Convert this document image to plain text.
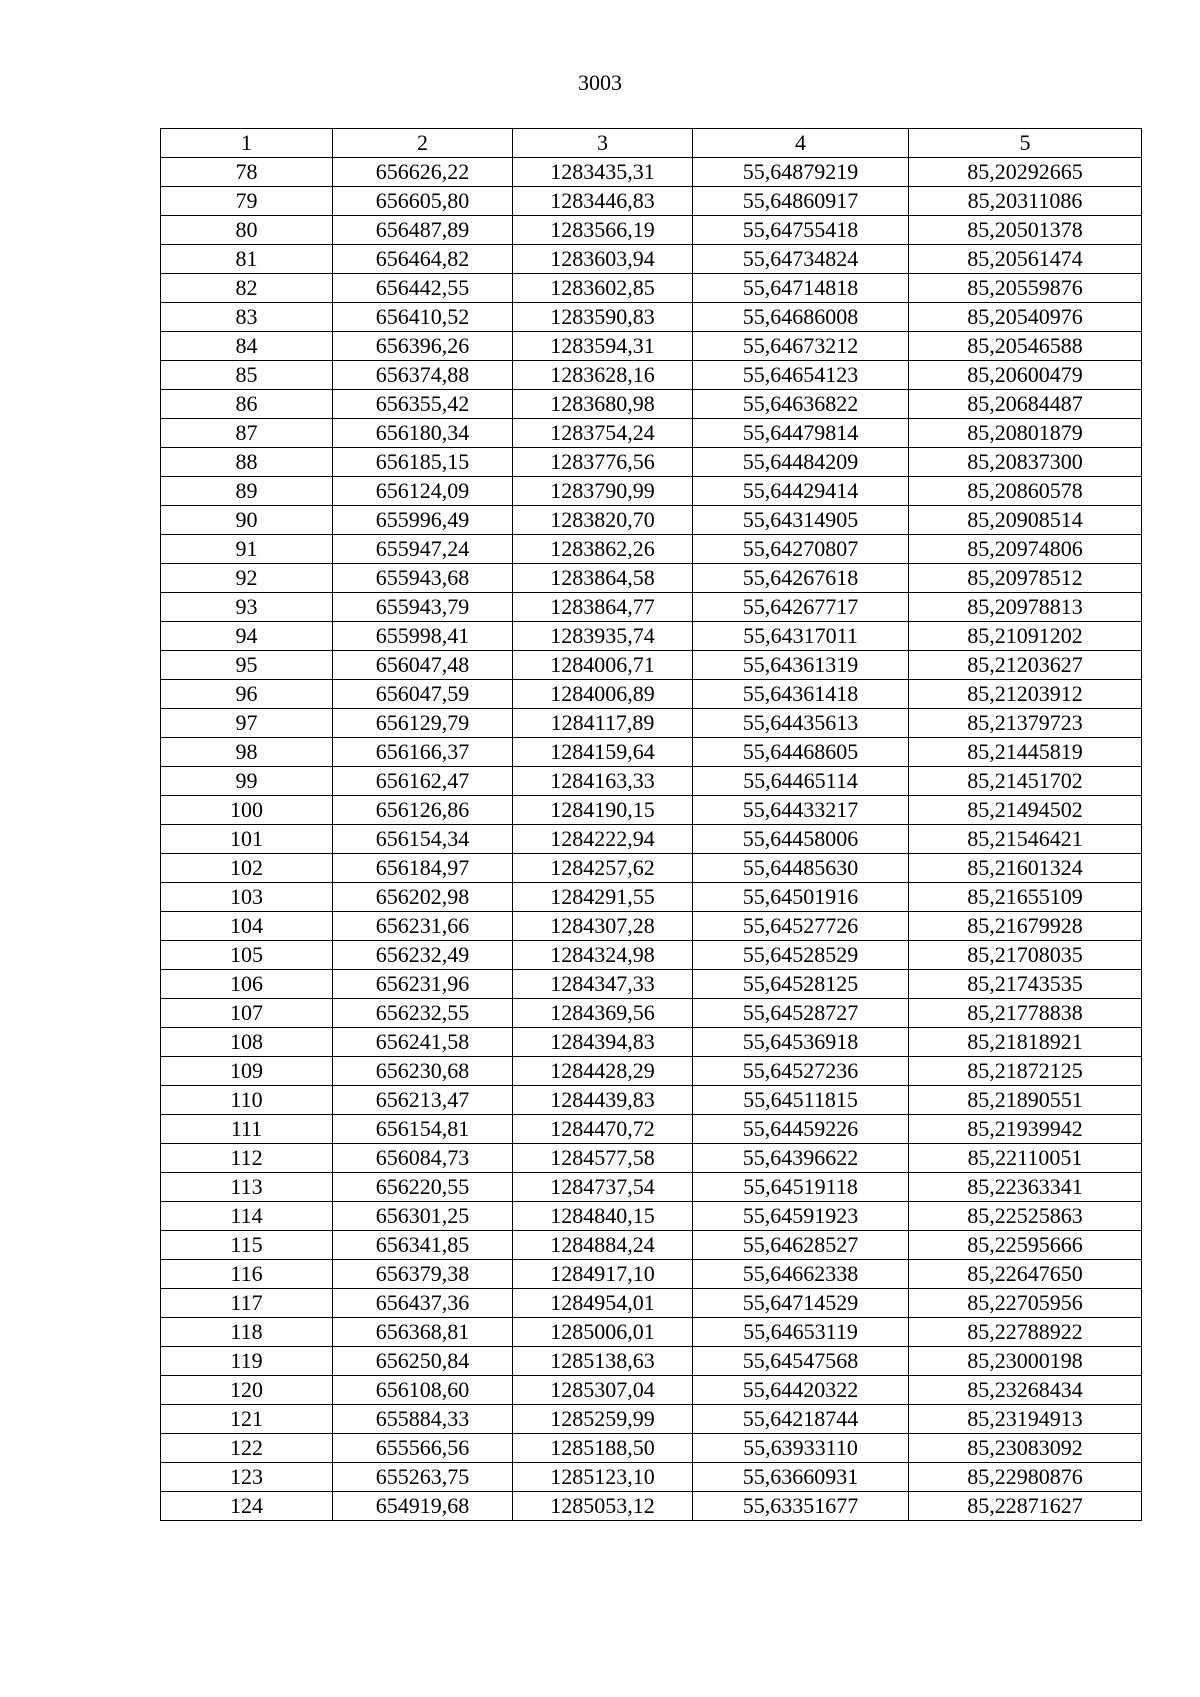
3003
1	2	3	4	5
78	656626,22	1283435,31	55,64879219	85,20292665
79	656605,80	1283446,83	55,64860917	85,20311086
80	656487,89	1283566,19	55,64755418	85,20501378
81	656464,82	1283603,94	55,64734824	85,20561474
82	656442,55	1283602,85	55,64714818	85,20559876
83	656410,52	1283590,83	55,64686008	85,20540976
84	656396,26	1283594,31	55,64673212	85,20546588
85	656374,88	1283628,16	55,64654123	85,20600479
86	656355,42	1283680,98	55,64636822	85,20684487
87	656180,34	1283754,24	55,64479814	85,20801879
88	656185,15	1283776,56	55,64484209	85,20837300
89	656124,09	1283790,99	55,64429414	85,20860578
90	655996,49	1283820,70	55,64314905	85,20908514
91	655947,24	1283862,26	55,64270807	85,20974806
92	655943,68	1283864,58	55,64267618	85,20978512
93	655943,79	1283864,77	55,64267717	85,20978813
94	655998,41	1283935,74	55,64317011	85,21091202
95	656047,48	1284006,71	55,64361319	85,21203627
96	656047,59	1284006,89	55,64361418	85,21203912
97	656129,79	1284117,89	55,64435613	85,21379723
98	656166,37	1284159,64	55,64468605	85,21445819
99	656162,47	1284163,33	55,64465114	85,21451702
100	656126,86	1284190,15	55,64433217	85,21494502
101	656154,34	1284222,94	55,64458006	85,21546421
102	656184,97	1284257,62	55,64485630	85,21601324
103	656202,98	1284291,55	55,64501916	85,21655109
104	656231,66	1284307,28	55,64527726	85,21679928
105	656232,49	1284324,98	55,64528529	85,21708035
106	656231,96	1284347,33	55,64528125	85,21743535
107	656232,55	1284369,56	55,64528727	85,21778838
108	656241,58	1284394,83	55,64536918	85,21818921
109	656230,68	1284428,29	55,64527236	85,21872125
110	656213,47	1284439,83	55,64511815	85,21890551
111	656154,81	1284470,72	55,64459226	85,21939942
112	656084,73	1284577,58	55,64396622	85,22110051
113	656220,55	1284737,54	55,64519118	85,22363341
114	656301,25	1284840,15	55,64591923	85,22525863
115	656341,85	1284884,24	55,64628527	85,22595666
116	656379,38	1284917,10	55,64662338	85,22647650
117	656437,36	1284954,01	55,64714529	85,22705956
118	656368,81	1285006,01	55,64653119	85,22788922
119	656250,84	1285138,63	55,64547568	85,23000198
120	656108,60	1285307,04	55,64420322	85,23268434
121	655884,33	1285259,99	55,64218744	85,23194913
122	655566,56	1285188,50	55,63933110	85,23083092
123	655263,75	1285123,10	55,63660931	85,22980876
124	654919,68	1285053,12	55,63351677	85,22871627
